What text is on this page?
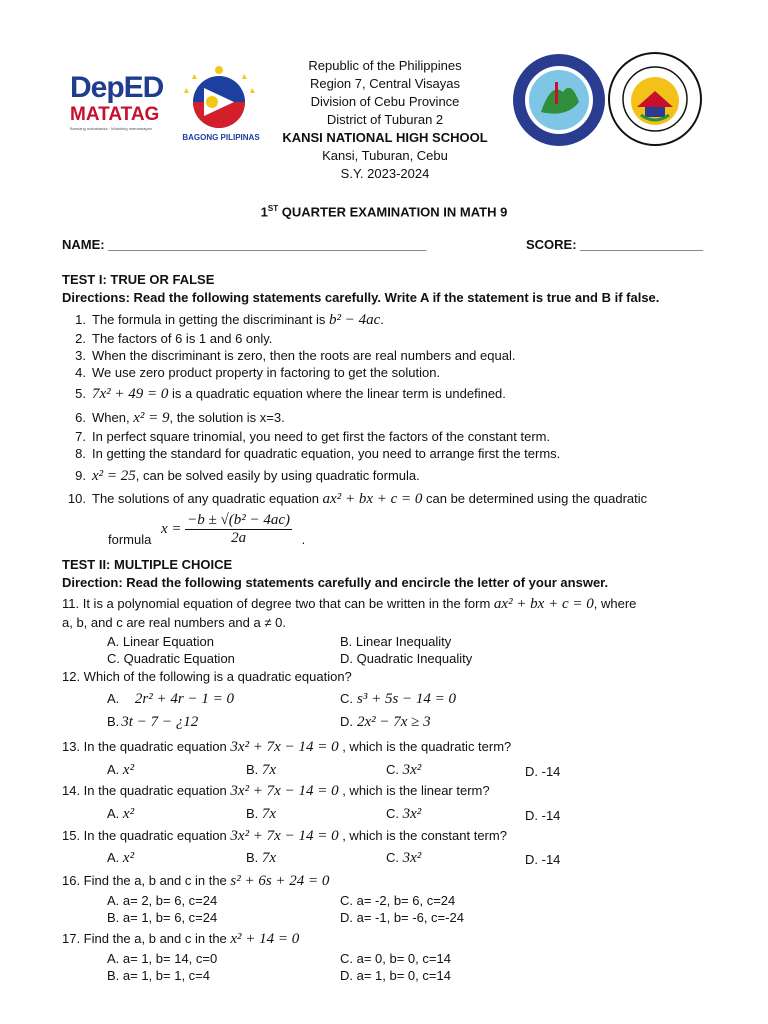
DepED
MATATAG
Bansang makabansa · Mabuting mamamayan
BAGONG PILIPINAS
Republic of the Philippines
Region 7, Central Visayas
Division of Cebu Province
District of Tuburan 2
KANSI NATIONAL HIGH SCHOOL
Kansi, Tuburan, Cebu
S.Y. 2023-2024
1ST QUARTER EXAMINATION IN MATH 9
NAME: ____________________________________________	SCORE: _________________
TEST I: TRUE OR FALSE
Directions: Read the following statements carefully. Write A if the statement is true and B if false.
1. The formula in getting the discriminant is b² − 4ac.
2. The factors of 6 is 1 and 6 only.
3. When the discriminant is zero, then the roots are real numbers and equal.
4. We use zero product property in factoring to get the solution.
5. 7x² + 49 = 0 is a quadratic equation where the linear term is undefined.
6. When, x² = 9, the solution is x=3.
7. In perfect square trinomial, you need to get first the factors of the constant term.
8. In getting the standard for quadratic equation, you need to arrange first the terms.
9. x² = 25, can be solved easily by using quadratic formula.
10. The solutions of any quadratic equation ax² + bx + c = 0 can be determined using the quadratic
formula $x = \frac{\text{−b ± √(b² − 4ac)}}{2a}$ .
TEST II: MULTIPLE CHOICE
Direction: Read the following statements carefully and encircle the letter of your answer.
11. It is a polynomial equation of degree two that can be written in the form ax² + bx + c = 0, where
a, b, and c are real numbers and a ≠ 0.
A. Linear Equation	B. Linear Inequality
C. Quadratic Equation	D. Quadratic Inequality
12. Which of the following is a quadratic equation?
A. 2r² + 4r − 1 = 0	C. s³ + 5s − 14 = 0
B. 3t − 7 − ¿12	D. 2x² − 7x ≥ 3
13. In the quadratic equation 3x² + 7x − 14 = 0 , which is the quadratic term?
A. x²	B. 7x	C. 3x²	D. -14
14. In the quadratic equation 3x² + 7x − 14 = 0 , which is the linear term?
A. x²	B. 7x	C. 3x²	D. -14
15. In the quadratic equation 3x² + 7x − 14 = 0 , which is the constant term?
A. x²	B. 7x	C. 3x²	D. -14
16. Find the a, b and c in the s² + 6s + 24 = 0
A. a= 2, b= 6, c=24	C. a= -2, b= 6, c=24
B. a= 1, b= 6, c=24	D. a= -1, b= -6, c=-24
17. Find the a, b and c in the x² + 14 = 0
A. a= 1, b= 14, c=0	C. a= 0, b= 0, c=14
B. a= 1, b= 1, c=4	D. a= 1, b= 0, c=14
